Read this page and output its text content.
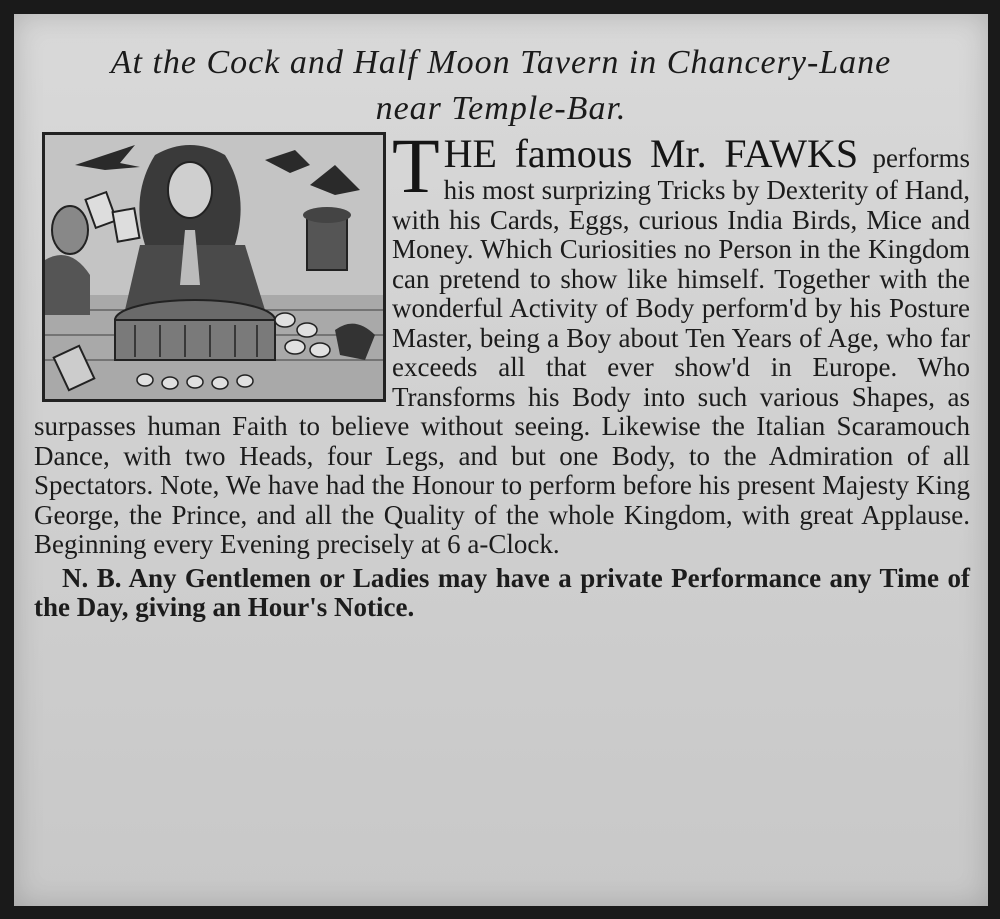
At the Cock and Half Moon Tavern in Chancery-Lane
near Temple-Bar.
T HE famous Mr. FAWKS performs his most surprizing Tricks by Dexterity of Hand, with his Cards, Eggs, curious India Birds, Mice and Money. Which Curiosities no Person in the Kingdom can pretend to show like himself. Together with the wonderful Activity of Body perform'd by his Posture Master, being a Boy about Ten Years of Age, who far exceeds all that ever show'd in Europe. Who Transforms his Body into such various Shapes, as surpasses human Faith to believe without seeing. Likewise the Italian Scaramouch Dance, with two Heads, four Legs, and but one Body, to the Admiration of all Spectators. Note, We have had the Honour to perform before his present Majesty King George, the Prince, and all the Quality of the whole Kingdom, with great Applause. Beginning every Evening precisely at 6 a-Clock.
N. B. Any Gentlemen or Ladies may have a private Performance any Time of the Day, giving an Hour's Notice.
